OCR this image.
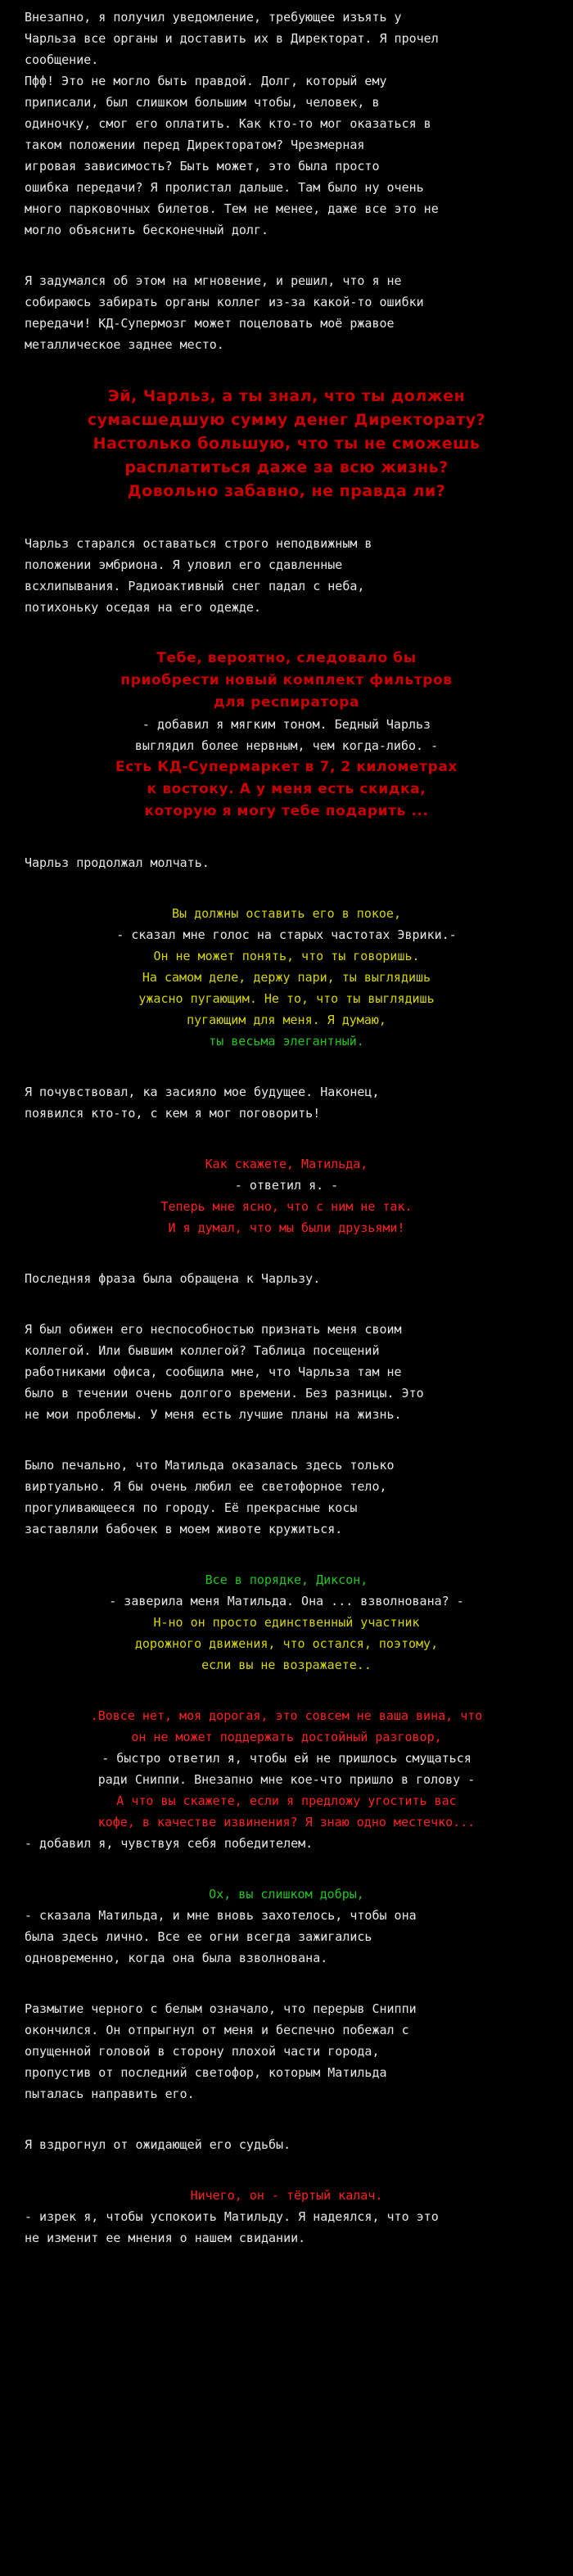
Внезапно, я получил уведомление, требующее изъять у
Чарльза все органы и доставить их в Директорат. Я прочел
сообщение.
Пфф! Это не могло быть правдой. Долг, который ему
приписали, был слишком большим чтобы, человек, в
одиночку, смог его оплатить. Как кто-то мог оказаться в
таком положении перед Директоратом? Чрезмерная
игровая зависимость? Быть может, это была просто
ошибка передачи? Я пролистал дальше. Там было ну очень
много парковочных билетов. Тем не менее, даже все это не
могло объяснить бесконечный долг.
Я задумался об этом на мгновение, и решил, что я не
собираюсь забирать органы коллег из-за какой-то ошибки
передачи! КД-Супермозг может поцеловать моё ржавое
металлическое заднее место.
Эй, Чарльз, а ты знал, что ты должен
сумасшедшую сумму денег Директорату?
Настолько большую, что ты не сможешь
расплатиться даже за всю жизнь?
Довольно забавно, не правда ли?
Чарльз старался оставаться строго неподвижным в
положении эмбриона. Я уловил его сдавленные
всхлипывания. Радиоактивный снег падал с неба,
потихоньку оседая на его одежде.
Тебе, вероятно, следовало бы
приобрести новый комплект фильтров
для респиратора
- добавил я мягким тоном. Бедный Чарльз
выглядил более нервным, чем когда-либо. -
Есть КД-Супермаркет в 7, 2 километрах
к востоку. А у меня есть скидка,
которую я могу тебе подарить ...
Чарльз продолжал молчать.
Вы должны оставить его в покое,
- сказал мне голос на старых частотах Эврики.-
Он не может понять, что ты говоришь.
На самом деле, держу пари, ты выглядишь
ужасно пугающим. Не то, что ты выглядишь
пугающим для меня. Я думаю,
ты весьма элегантный.
Я почувствовал, ка засияло мое будущее. Наконец,
появился кто-то, с кем я мог поговорить!
Как скажете, Матильда,
- ответил я. -
Теперь мне ясно, что с ним не так.
И я думал, что мы были друзьями!
Последняя фраза была обращена к Чарльзу.
Я был обижен его неспособностью признать меня своим
коллегой. Или бывшим коллегой? Таблица посещений
работниками офиса, сообщила мне, что Чарльза там не
было в течении очень долгого времени. Без разницы. Это
не мои проблемы. У меня есть лучшие планы на жизнь.
Было печально, что Матильда оказалась здесь только
виртуально. Я бы очень любил ее светофорное тело,
прогуливающееся по городу. Её прекрасные косы
заставляли бабочек в моем животе кружиться.
Все в порядке, Диксон,
- заверила меня Матильда. Она ... взволнована? -
Н-но он просто единственный участник
дорожного движения, что остался, поэтому,
если вы не возражаете..
.Вовсе нет, моя дорогая, это совсем не ваша вина, что
он не может поддержать достойный разговор,
- быстро ответил я, чтобы ей не пришлось смущаться
ради Сниппи. Внезапно мне кое-что пришло в голову -
А что вы скажете, если я предложу угостить вас
кофе, в качестве извинения? Я знаю одно местечко...
- добавил я, чувствуя себя победителем.
Ох, вы слишком добры,
- сказала Матильда, и мне вновь захотелось, чтобы она
была здесь лично. Все ее огни всегда зажигались
одновременно, когда она была взволнована.
Размытие черного с белым означало, что перерыв Сниппи
окончился. Он отпрыгнул от меня и беспечно побежал с
опущенной головой в сторону плохой части города,
пропустив от последний светофор, которым Матильда
пыталась направить его.
Я вздрогнул от ожидающей его судьбы.
Ничего, он - тёртый калач.
- изрек я, чтобы успокоить Матильду. Я надеялся, что это
не изменит ее мнения о нашем свидании.
